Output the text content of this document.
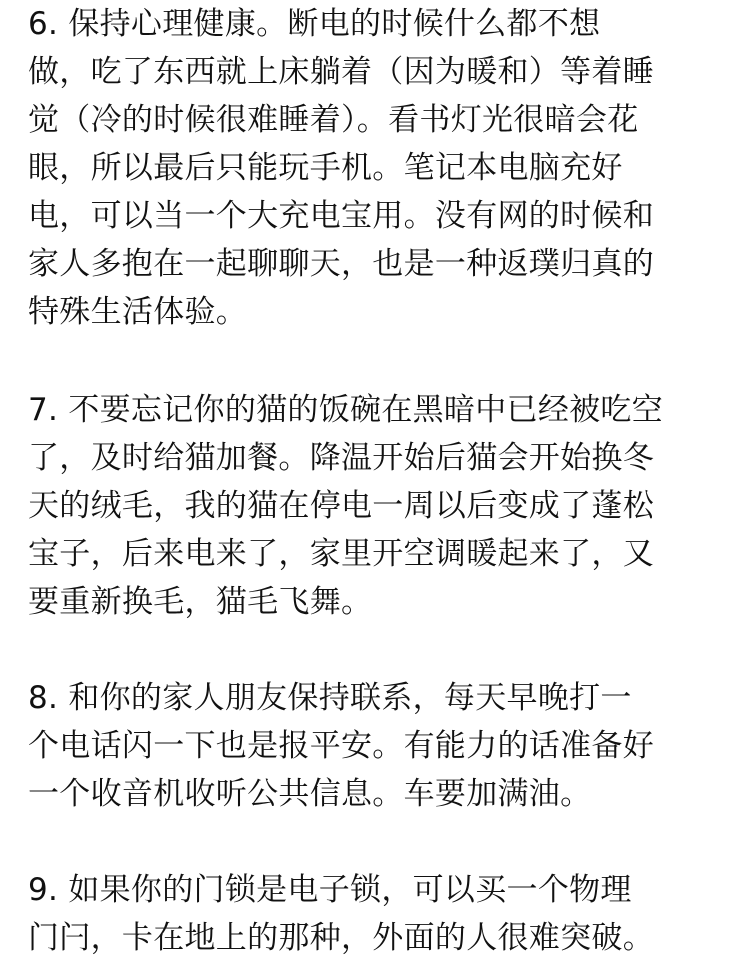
6. 保持心理健康。断电的时候什么都不想
做，吃了东西就上床躺着（因为暖和）等着睡
觉（冷的时候很难睡着）。看书灯光很暗会花
眼，所以最后只能玩手机。笔记本电脑充好
电，可以当一个大充电宝用。没有网的时候和
家人多抱在一起聊聊天，也是一种返璞归真的
特殊生活体验。
7. 不要忘记你的猫的饭碗在黑暗中已经被吃空
了，及时给猫加餐。降温开始后猫会开始换冬
天的绒毛，我的猫在停电一周以后变成了蓬松
宝子，后来电来了，家里开空调暖起来了，又
要重新换毛，猫毛飞舞。
8. 和你的家人朋友保持联系，每天早晚打一
个电话闪一下也是报平安。有能力的话准备好
一个收音机收听公共信息。车要加满油。
9. 如果你的门锁是电子锁，可以买一个物理
门闩，卡在地上的那种，外面的人很难突破。
